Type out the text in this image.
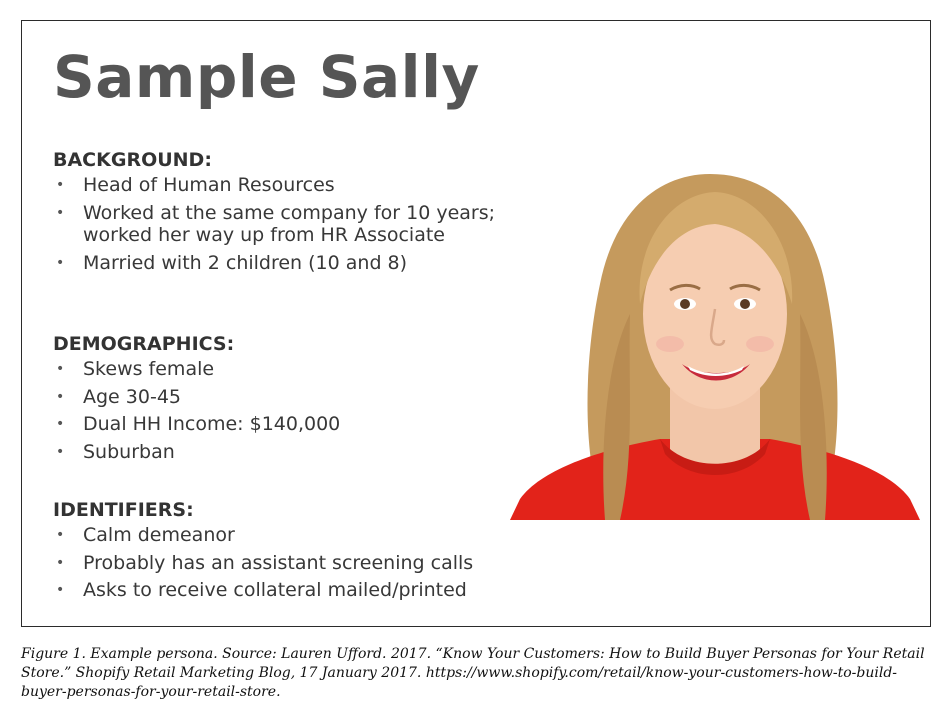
Sample Sally
BACKGROUND:
• Head of Human Resources
• Worked at the same company for 10 years; worked her way up from HR Associate
• Married with 2 children (10 and 8)
DEMOGRAPHICS:
• Skews female
• Age 30-45
• Dual HH Income: $140,000
• Suburban
IDENTIFIERS:
• Calm demeanor
• Probably has an assistant screening calls
• Asks to receive collateral mailed/printed

Figure 1. Example persona. Source: Lauren Ufford. 2017. “Know Your Customers: How to Build Buyer Personas for Your Retail Store.” Shopify Retail Marketing Blog, 17 January 2017. https://www.shopify.com/retail/know-your-customers-how-to-build-buyer-personas-for-your-retail-store.
